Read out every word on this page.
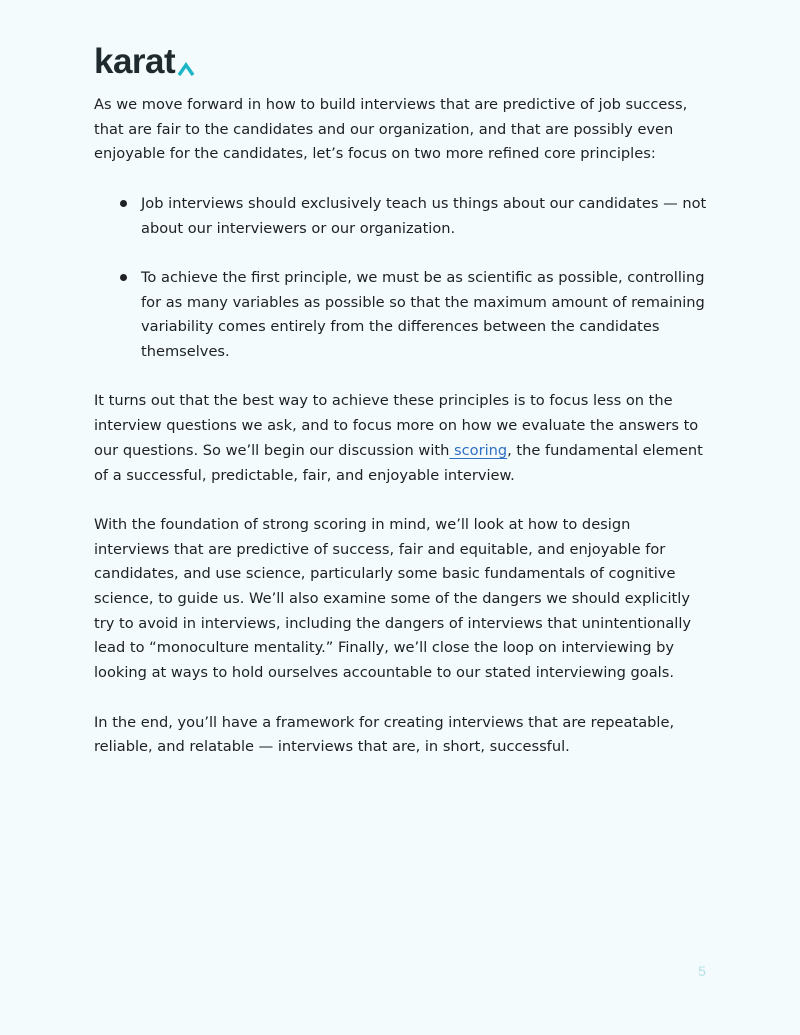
karat

As we move forward in how to build interviews that are predictive of job success, that are fair to the candidates and our organization, and that are possibly even enjoyable for the candidates, let’s focus on two more refined core principles:

Job interviews should exclusively teach us things about our candidates — not about our interviewers or our organization.
To achieve the first principle, we must be as scientific as possible, controlling for as many variables as possible so that the maximum amount of remaining variability comes entirely from the differences between the candidates themselves.

It turns out that the best way to achieve these principles is to focus less on the interview questions we ask, and to focus more on how we evaluate the answers to our questions. So we’ll begin our discussion with scoring, the fundamental element of a successful, predictable, fair, and enjoyable interview.

With the foundation of strong scoring in mind, we’ll look at how to design interviews that are predictive of success, fair and equitable, and enjoyable for candidates, and use science, particularly some basic fundamentals of cognitive science, to guide us. We’ll also examine some of the dangers we should explicitly try to avoid in interviews, including the dangers of interviews that unintentionally lead to “monoculture mentality.” Finally, we’ll close the loop on interviewing by looking at ways to hold ourselves accountable to our stated interviewing goals.

In the end, you’ll have a framework for creating interviews that are repeatable, reliable, and relatable — interviews that are, in short, successful.

5
